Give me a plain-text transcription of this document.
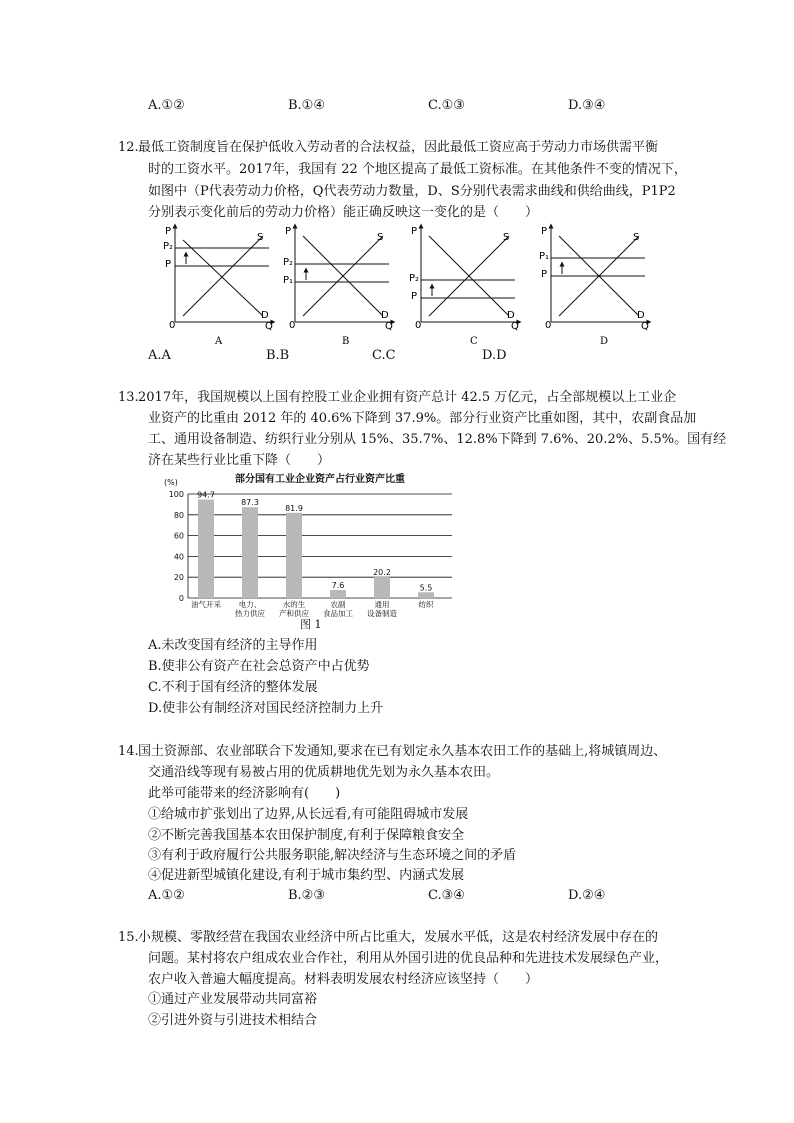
A.①②	B.①④	C.①③	D.③④
12. 最低工资制度旨在保护低收入劳动者的合法权益，因此最低工资应高于劳动力市场供需平衡
时的工资水平。2017年，我国有 22 个地区提高了最低工资标准。在其他条件不变的情况下，
如图中（P代表劳动力价格，Q代表劳动力数量，D、S分别代表需求曲线和供给曲线，P1P2
分别表示变化前后的劳动力价格）能正确反映这一变化的是（　　）
P
P₂
P
S
D
0	Q
A
P
P₂
P₁
S
D
0	Q
B
P
P₂
P
S
D
0	Q
C
P
P₁
P
S
D
0	Q
D
A.A	B.B	C.C	D.D
13. 2017年，我国规模以上国有控股工业企业拥有资产总计 42.5 万亿元，占全部规模以上工业企
业资产的比重由 2012 年的 40.6%下降到 37.9%。部分行业资产比重如图，其中，农副食品加
工、通用设备制造、纺织行业分别从 15%、35.7%、12.8%下降到 7.6%、20.2%、5.5%。国有经
济在某些行业比重下降（　　）
部分国有工业企业资产占行业资产比重
(%)
0
20
40
60
80
100 94.7
油气开采
87.3
电力、
热力供应
81.9
水的生
产和供应
7.6
农副
食品加工
20.2
通用
设备制造
5.5
纺织
图 1
A.未改变国有经济的主导作用
B.使非公有资产在社会总资产中占优势
C.不利于国有经济的整体发展
D.使非公有制经济对国民经济控制力上升
14. 国土资源部、农业部联合下发通知,要求在已有划定永久基本农田工作的基础上,将城镇周边、
交通沿线等现有易被占用的优质耕地优先划为永久基本农田。
此举可能带来的经济影响有(　　)
①给城市扩张划出了边界,从长远看,有可能阻碍城市发展
②不断完善我国基本农田保护制度,有利于保障粮食安全
③有利于政府履行公共服务职能,解决经济与生态环境之间的矛盾
④促进新型城镇化建设,有利于城市集约型、内涵式发展
A.①②	B.②③	C.③④	D.②④
15. 小规模、零散经营在我国农业经济中所占比重大，发展水平低，这是农村经济发展中存在的
问题。某村将农户组成农业合作社，利用从外国引进的优良品种和先进技术发展绿色产业，
农户收入普遍大幅度提高。材料表明发展农村经济应该坚持（　　）
①通过产业发展带动共同富裕
②引进外资与引进技术相结合
